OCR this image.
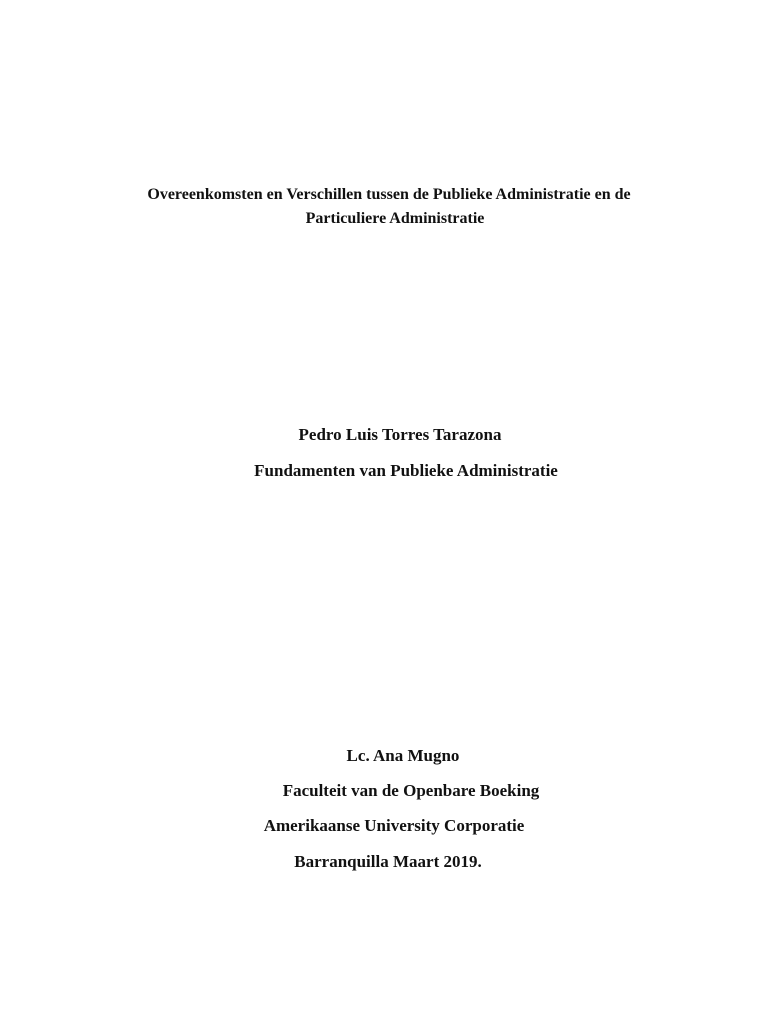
Overeenkomsten en Verschillen tussen de Publieke Administratie en de
Particuliere Administratie
Pedro Luis Torres Tarazona
Fundamenten van Publieke Administratie
Lc. Ana Mugno
Faculteit van de Openbare Boeking
Amerikaanse University Corporatie
Barranquilla Maart 2019.
